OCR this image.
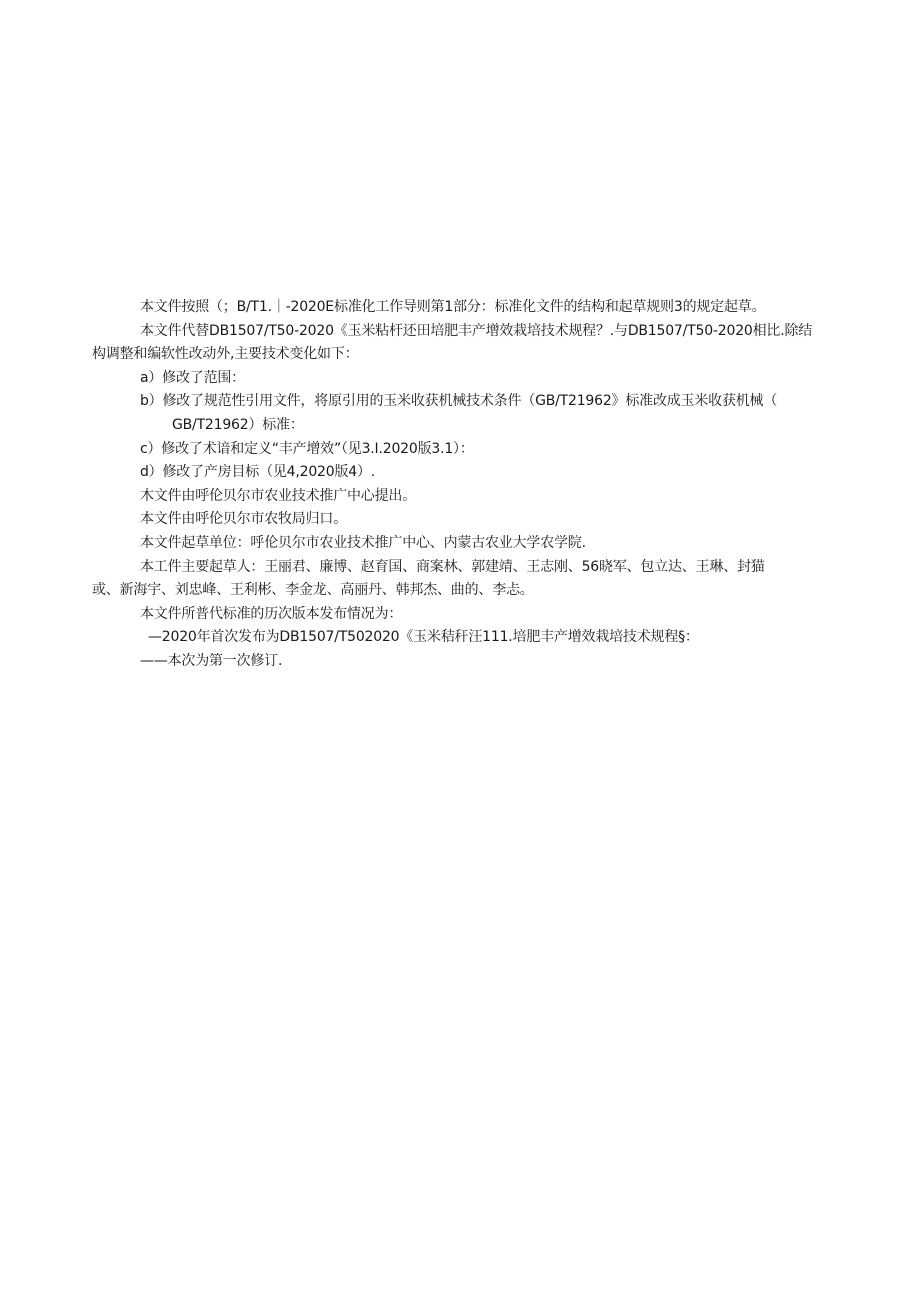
本文件按照（；B/T1.｜-2020E标准化工作导则第1部分：标准化文件的结构和起草规则3的规定起草。
本文件代替DB1507/T50-2020《玉米粘杆还田培肥丰产增效栽培技术规程？.与DB1507/T50-2020相比.除结
构调整和编软性改动外,主要技术变化如下：
a）修改了范围：
b）修改了规范性引用文件，将原引用的玉米收获机械技术条件（GB/T21962》标准改成玉米收获机械（
GB/T21962）标准：
c）修改了术谙和定义“丰产增效”（见3.I.2020版3.1）：
d）修改了产房目标（见4,2020版4）.
木文件由呼伦贝尔市农业技术推广中心提出。
本文件由呼伦贝尔市农牧局归口。
本文件起草单位：呼伦贝尔市农业技术推广中心、内蒙古农业大学农学院.
本工件主要起草人：王丽君、廉博、赵育国、商案林、郭建靖、王志刚、56晓军、包立达、王琳、封猫
或、新海宇、刘忠峰、王利彬、李金龙、高丽丹、韩邦杰、曲的、李忐。
本文件所普代标准的历次版本发布情况为：
—2020年首次发布为DB1507/T502020《玉米秸秆汪111.培肥丰产增效栽培技术规程§：
——本次为第一次修订.
